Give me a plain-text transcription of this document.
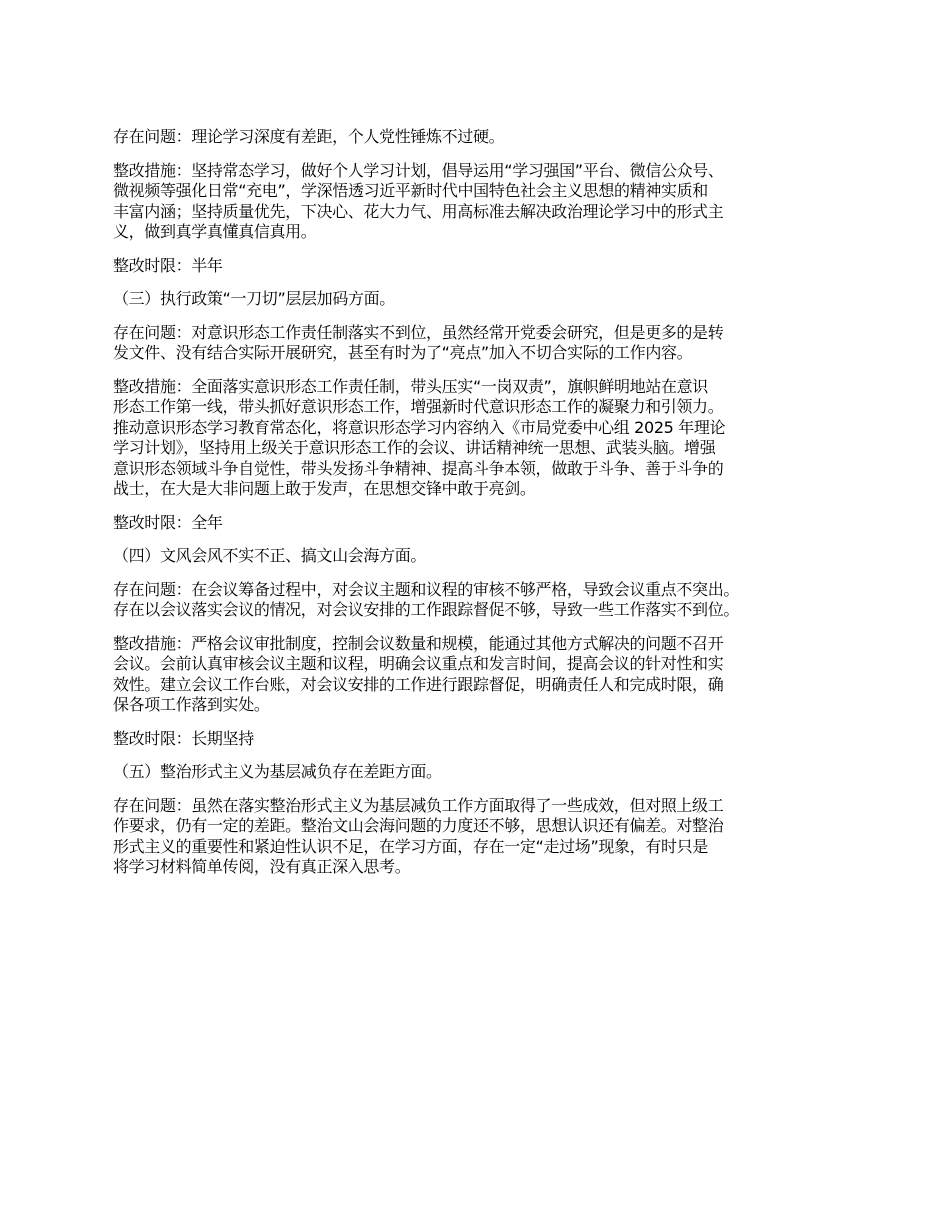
存在问题：理论学习深度有差距，个人党性锤炼不过硬。

整改措施：坚持常态学习，做好个人学习计划，倡导运用“学习强国”平台、微信公众号、
微视频等强化日常“充电”，学深悟透习近平新时代中国特色社会主义思想的精神实质和
丰富内涵；坚持质量优先，下决心、花大力气、用高标准去解决政治理论学习中的形式主
义，做到真学真懂真信真用。

整改时限：半年

（三）执行政策“一刀切”层层加码方面。

存在问题：对意识形态工作责任制落实不到位，虽然经常开党委会研究，但是更多的是转
发文件、没有结合实际开展研究，甚至有时为了“亮点”加入不切合实际的工作内容。

整改措施：全面落实意识形态工作责任制，带头压实“一岗双责”，旗帜鲜明地站在意识
形态工作第一线，带头抓好意识形态工作，增强新时代意识形态工作的凝聚力和引领力。
推动意识形态学习教育常态化，将意识形态学习内容纳入《市局党委中心组 2025 年理论
学习计划》，坚持用上级关于意识形态工作的会议、讲话精神统一思想、武装头脑。增强
意识形态领域斗争自觉性，带头发扬斗争精神、提高斗争本领，做敢于斗争、善于斗争的
战士，在大是大非问题上敢于发声，在思想交锋中敢于亮剑。

整改时限：全年

（四）文风会风不实不正、搞文山会海方面。

存在问题：在会议筹备过程中，对会议主题和议程的审核不够严格，导致会议重点不突出。
存在以会议落实会议的情况，对会议安排的工作跟踪督促不够，导致一些工作落实不到位。

整改措施：严格会议审批制度，控制会议数量和规模，能通过其他方式解决的问题不召开
会议。会前认真审核会议主题和议程，明确会议重点和发言时间，提高会议的针对性和实
效性。建立会议工作台账，对会议安排的工作进行跟踪督促，明确责任人和完成时限，确
保各项工作落到实处。

整改时限：长期坚持

（五）整治形式主义为基层减负存在差距方面。

存在问题：虽然在落实整治形式主义为基层减负工作方面取得了一些成效，但对照上级工
作要求，仍有一定的差距。整治文山会海问题的力度还不够，思想认识还有偏差。对整治
形式主义的重要性和紧迫性认识不足，在学习方面，存在一定“走过场”现象，有时只是
将学习材料简单传阅，没有真正深入思考。
